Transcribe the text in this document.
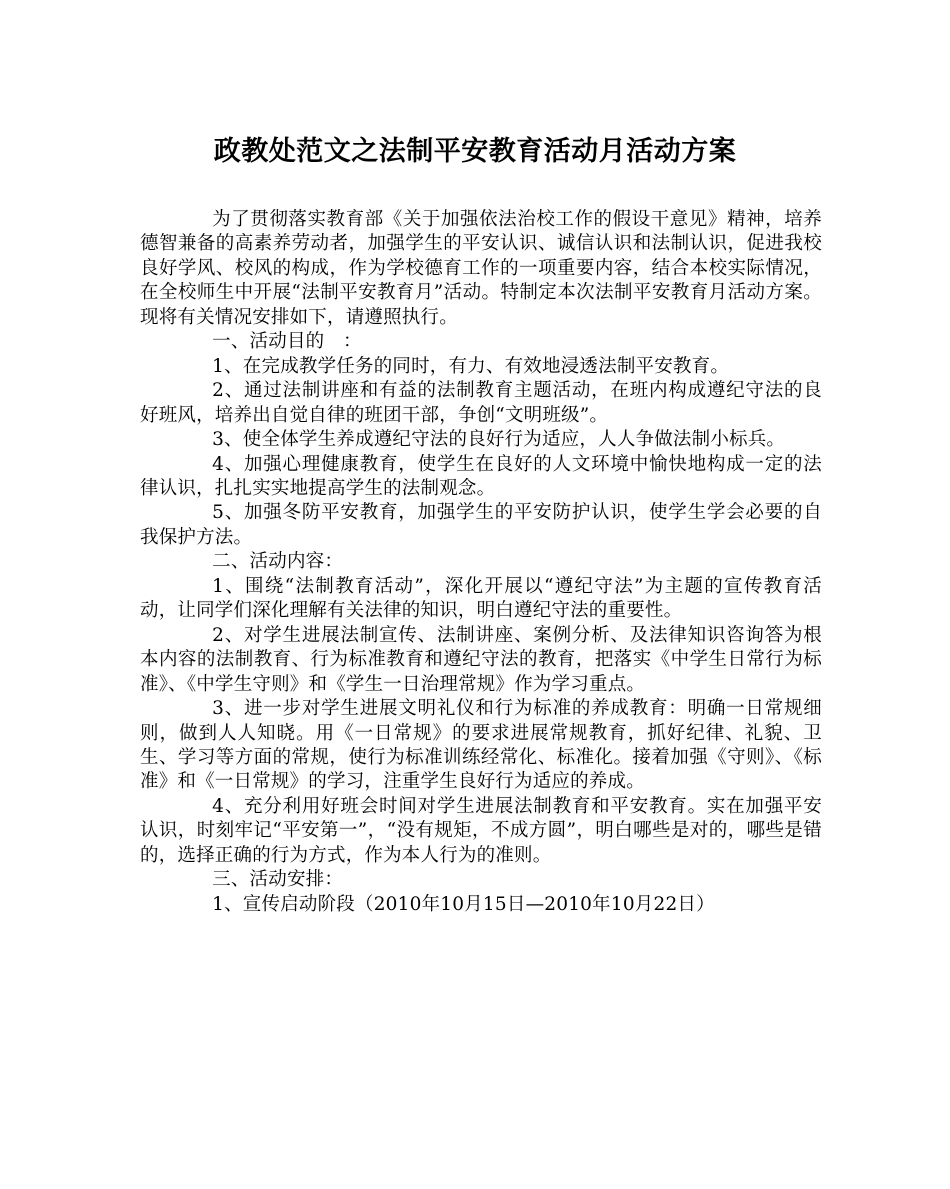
政教处范文之法制平安教育活动月活动方案

为了贯彻落实教育部《关于加强依法治校工作的假设干意见》精神，培养德智兼备的高素养劳动者，加强学生的平安认识、诚信认识和法制认识，促进我校良好学风、校风的构成，作为学校德育工作的一项重要内容，结合本校实际情况，在全校师生中开展“法制平安教育月”活动。特制定本次法制平安教育月活动方案。现将有关情况安排如下，请遵照执行。

一、活动目的　：

1、在完成教学任务的同时，有力、有效地浸透法制平安教育。

2、通过法制讲座和有益的法制教育主题活动，在班内构成遵纪守法的良好班风，培养出自觉自律的班团干部，争创“文明班级”。

3、使全体学生养成遵纪守法的良好行为适应，人人争做法制小标兵。

4、加强心理健康教育，使学生在良好的人文环境中愉快地构成一定的法律认识，扎扎实实地提高学生的法制观念。

5、加强冬防平安教育，加强学生的平安防护认识，使学生学会必要的自我保护方法。

二、活动内容：

1、围绕“法制教育活动”，深化开展以“遵纪守法”为主题的宣传教育活动，让同学们深化理解有关法律的知识，明白遵纪守法的重要性。

2、对学生进展法制宣传、法制讲座、案例分析、及法律知识咨询答为根本内容的法制教育、行为标准教育和遵纪守法的教育，把落实《中学生日常行为标准》、《中学生守则》和《学生一日治理常规》作为学习重点。

3、进一步对学生进展文明礼仪和行为标准的养成教育：明确一日常规细则，做到人人知晓。用《一日常规》的要求进展常规教育，抓好纪律、礼貌、卫生、学习等方面的常规，使行为标准训练经常化、标准化。接着加强《守则》、《标准》和《一日常规》的学习，注重学生良好行为适应的养成。

4、充分利用好班会时间对学生进展法制教育和平安教育。实在加强平安认识，时刻牢记“平安第一”，“没有规矩，不成方圆”，明白哪些是对的，哪些是错的，选择正确的行为方式，作为本人行为的准则。

三、活动安排：

1、宣传启动阶段（2010年10月15日—2010年10月22日）
